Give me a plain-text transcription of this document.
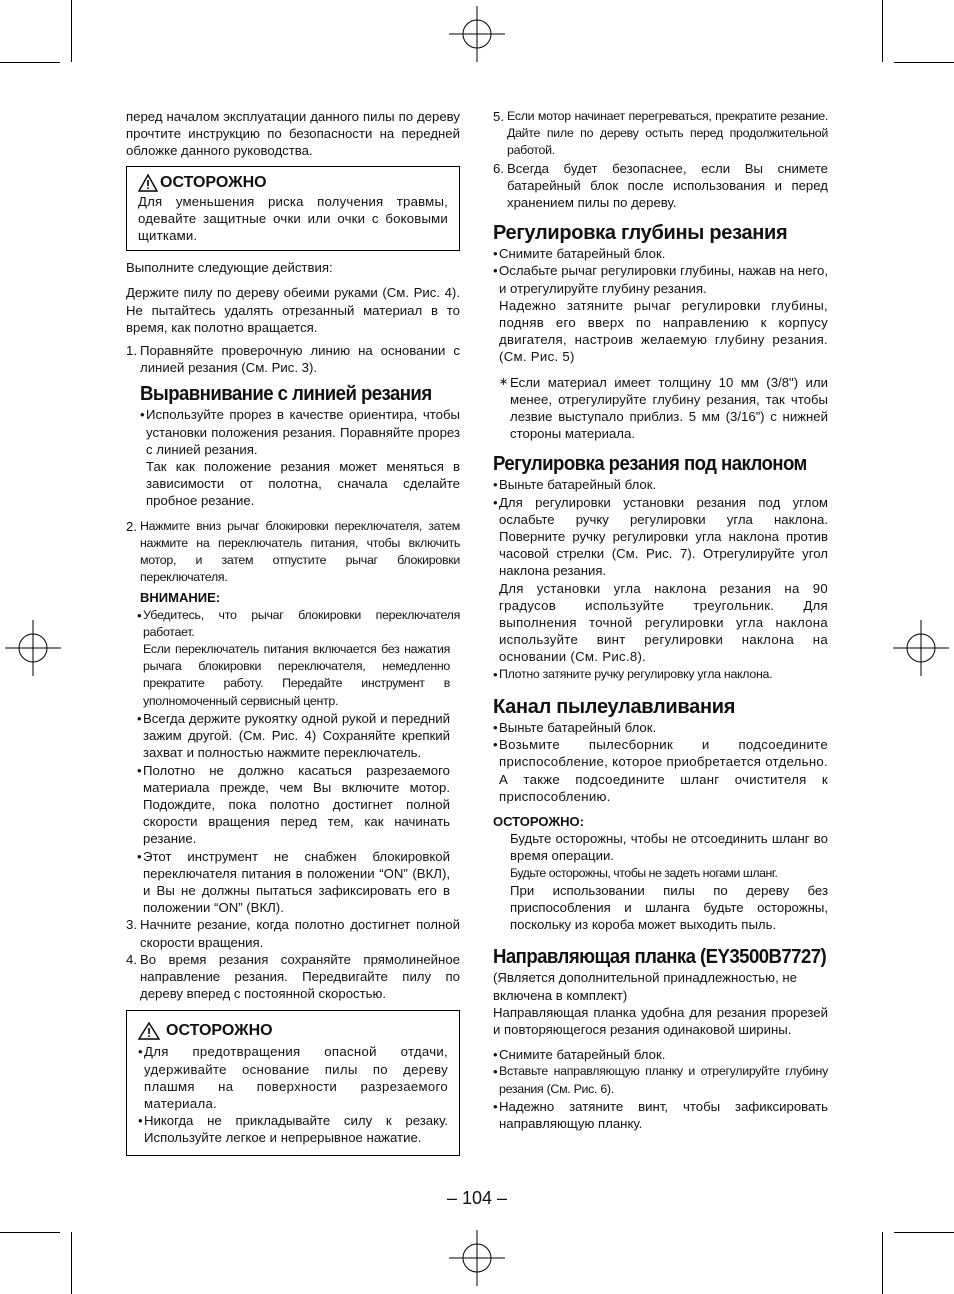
перед началом эксплуатации данного пилы по дереву прочтите инструкцию по безопасности на передней обложке данного руководства.

ОСТОРОЖНО

Для уменьшения риска получения травмы, одевайте защитные очки или очки с боковыми щитками.

Выполните следующие действия:

Держите пилу по дереву обеими руками (См. Рис. 4). Не пытайтесь удалять отрезанный материал в то время, как полотно вращается.

1. Поравняйте проверочную линию на основании с линией резания (См. Рис. 3).
Выравнивание с линией резания
• Используйте прорез в качестве ориентира, чтобы установки положения резания. Поравняйте прорез с линией резания.

Так как положение резания может меняться в зависимости от полотна, сначала сделайте пробное резание.

2. Нажмите вниз рычаг блокировки переключателя, затем нажмите на переключатель питания, чтобы включить мотор, и затем отпустите рычаг блокировки переключателя.

ВНИМАНИЕ:

• Убедитесь, что рычаг блокировки переключателя работает.

Если переключатель питания включается без нажатия рычага блокировки переключателя, немедленно прекратите работу. Передайте инструмент в уполномоченный сервисный центр.

• Всегда держите рукоятку одной рукой и передний зажим другой. (См. Рис. 4) Сохраняйте крепкий захват и полностью нажмите переключатель.
• Полотно не должно касаться разрезаемого материала прежде, чем Вы включите мотор. Подождите, пока полотно достигнет полной скорости вращения перед тем, как начинать резание.
• Этот инструмент не снабжен блокировкой переключателя питания в положении “ON” (ВКЛ), и Вы не должны пытаться зафиксировать его в положении “ON” (ВКЛ).
3. Начните резание, когда полотно достигнет полной скорости вращения.
4. Во время резания сохраняйте прямолинейное направление резания. Передвигайте пилу по дереву вперед с постоянной скоростью.
ОСТОРОЖНО
• Для предотвращения опасной отдачи, удерживайте основание пилы по дереву плашмя на поверхности разрезаемого материала.
• Никогда не прикладывайте силу к резаку. Используйте легкое и непрерывное нажатие.
5. Если мотор начинает перегреваться, прекратите резание. Дайте пиле по дереву остыть перед продолжительной работой.
6. Всегда будет безопаснее, если Вы снимете батарейный блок после использования и перед хранением пилы по дереву.
Регулировка глубины резания
• Снимите батарейный блок.
• Ослабьте рычаг регулировки глубины, нажав на него, и отрегулируйте глубину резания.

Надежно затяните рычаг регулировки глубины, подняв его вверх по направлению к корпусу двигателя, настроив желаемую глубину резания. (См. Рис. 5)

∗ Если материал имеет толщину 10 мм (3/8") или менее, отрегулируйте глубину резания, так чтобы лезвие выступало приблиз. 5 мм (3/16”) с нижней стороны материала.
Регулировка резания под наклоном
• Выньте батарейный блок.
• Для регулировки установки резания под углом ослабьте ручку регулировки угла наклона. Поверните ручку регулировки угла наклона против часовой стрелки (См. Рис. 7). Отрегулируйте угол наклона резания.

Для установки угла наклона резания на 90 градусов используйте треугольник. Для выполнения точной регулировки угла наклона используйте винт регулировки наклона на основании (См. Рис.8).

• Плотно затяните ручку регулировку угла наклона.
Канал пылеулавливания
• Выньте батарейный блок.
• Возьмите пылесборник и подсоедините приспособление, которое приобретается отдельно. А также подсоедините шланг очистителя к приспособлению.

ОСТОРОЖНО:

Будьте осторожны, чтобы не отсоединить шланг во время операции.

Будьте осторожны, чтобы не задеть ногами шланг.

При использовании пилы по дереву без приспособления и шланга будьте осторожны, поскольку из короба может выходить пыль.

Направляющая планка (EY3500B7727)

(Является дополнительной принадлежностью, не включена в комплект)

Направляющая планка удобна для резания прорезей и повторяющегося резания одинаковой ширины.

• Снимите батарейный блок.
• Вставьте направляющую планку и отрегулируйте глубину резания (См. Рис. 6).
• Надежно затяните винт, чтобы зафиксировать направляющую планку.
– 104 –
